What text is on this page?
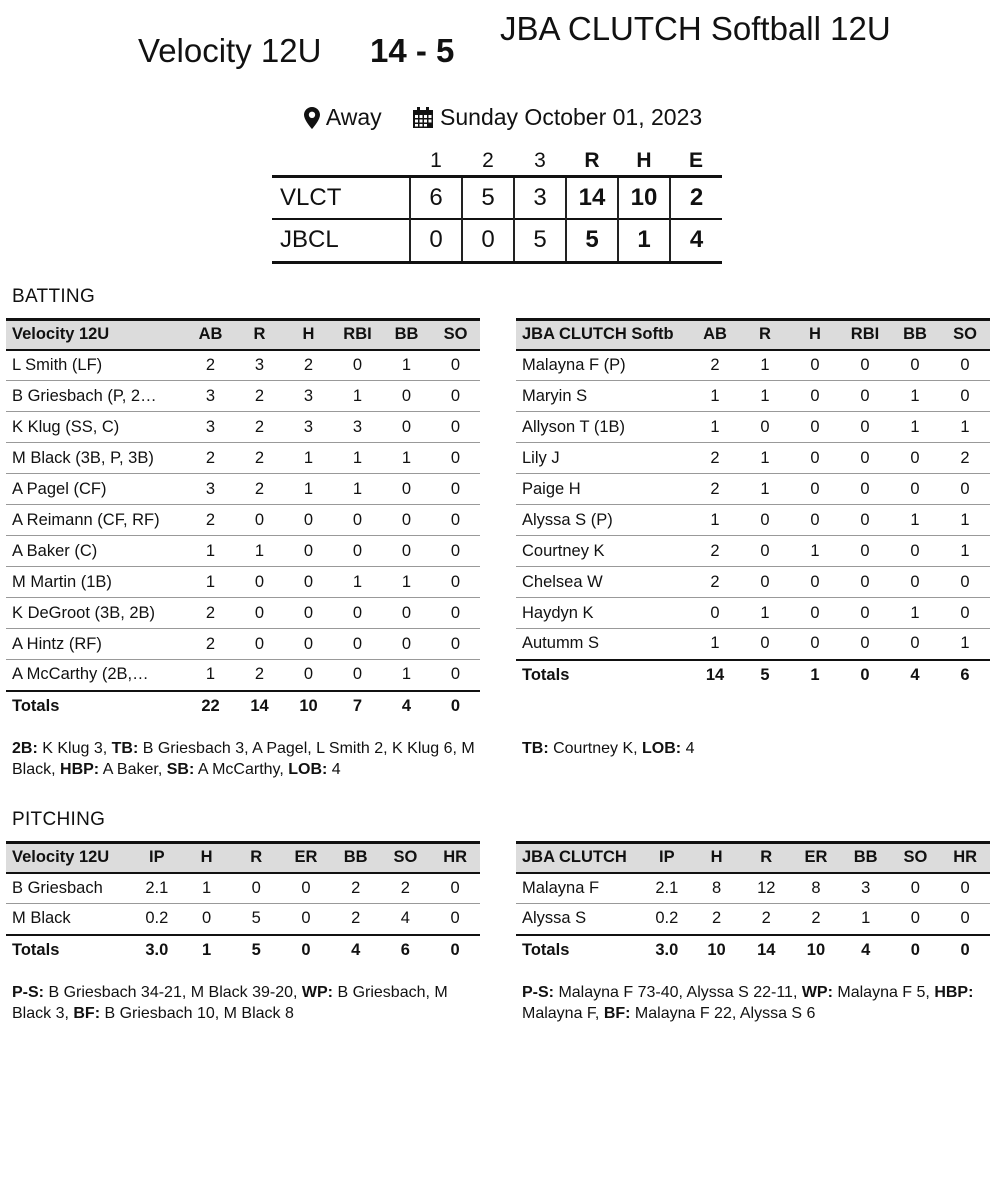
Velocity 12U 14 - 5
JBA CLUTCH Softball 12U
Away
	Sunday October 01, 2023
	1	2	3	R	H	E
VLCT	6	5	3	14	10	2
JBCL	0	0	5	5	1	4
BATTING
Velocity 12U	AB	R	H	RBI	BB	SO
L Smith (LF)	2	3	2	0	1	0
B Griesbach (P, 2…	3	2	3	1	0	0
K Klug (SS, C)	3	2	3	3	0	0
M Black (3B, P, 3B)	2	2	1	1	1	0
A Pagel (CF)	3	2	1	1	0	0
A Reimann (CF, RF)	2	0	0	0	0	0
A Baker (C)	1	1	0	0	0	0
M Martin (1B)	1	0	0	1	1	0
K DeGroot (3B, 2B)	2	0	0	0	0	0
A Hintz (RF)	2	0	0	0	0	0
A McCarthy (2B,…	1	2	0	0	1	0
Totals	22	14	10	7	4	0
JBA CLUTCH Softb	AB	R	H	RBI	BB	SO
Malayna F (P)	2	1	0	0	0	0
Maryin S	1	1	0	0	1	0
Allyson T (1B)	1	0	0	0	1	1
Lily J	2	1	0	0	0	2
Paige H	2	1	0	0	0	0
Alyssa S (P)	1	0	0	0	1	1
Courtney K	2	0	1	0	0	1
Chelsea W	2	0	0	0	0	0
Haydyn K	0	1	0	0	1	0
Autumm S	1	0	0	0	0	1
Totals	14	5	1	0	4	6
2B: K Klug 3, TB: B Griesbach 3, A Pagel, L Smith 2, K Klug 6, M Black, HBP: A Baker, SB: A McCarthy, LOB: 4
TB: Courtney K, LOB: 4
PITCHING
Velocity 12U	IP	H	R	ER	BB	SO	HR
B Griesbach	2.1	1	0	0	2	2	0
M Black	0.2	0	5	0	2	4	0
Totals	3.0	1	5	0	4	6	0
JBA CLUTCH	IP	H	R	ER	BB	SO	HR
Malayna F	2.1	8	12	8	3	0	0
Alyssa S	0.2	2	2	2	1	0	0
Totals	3.0	10	14	10	4	0	0
P-S: B Griesbach 34-21, M Black 39-20, WP: B Griesbach, M Black 3, BF: B Griesbach 10, M Black 8
P-S: Malayna F 73-40, Alyssa S 22-11, WP: Malayna F 5, HBP: Malayna F, BF: Malayna F 22, Alyssa S 6
